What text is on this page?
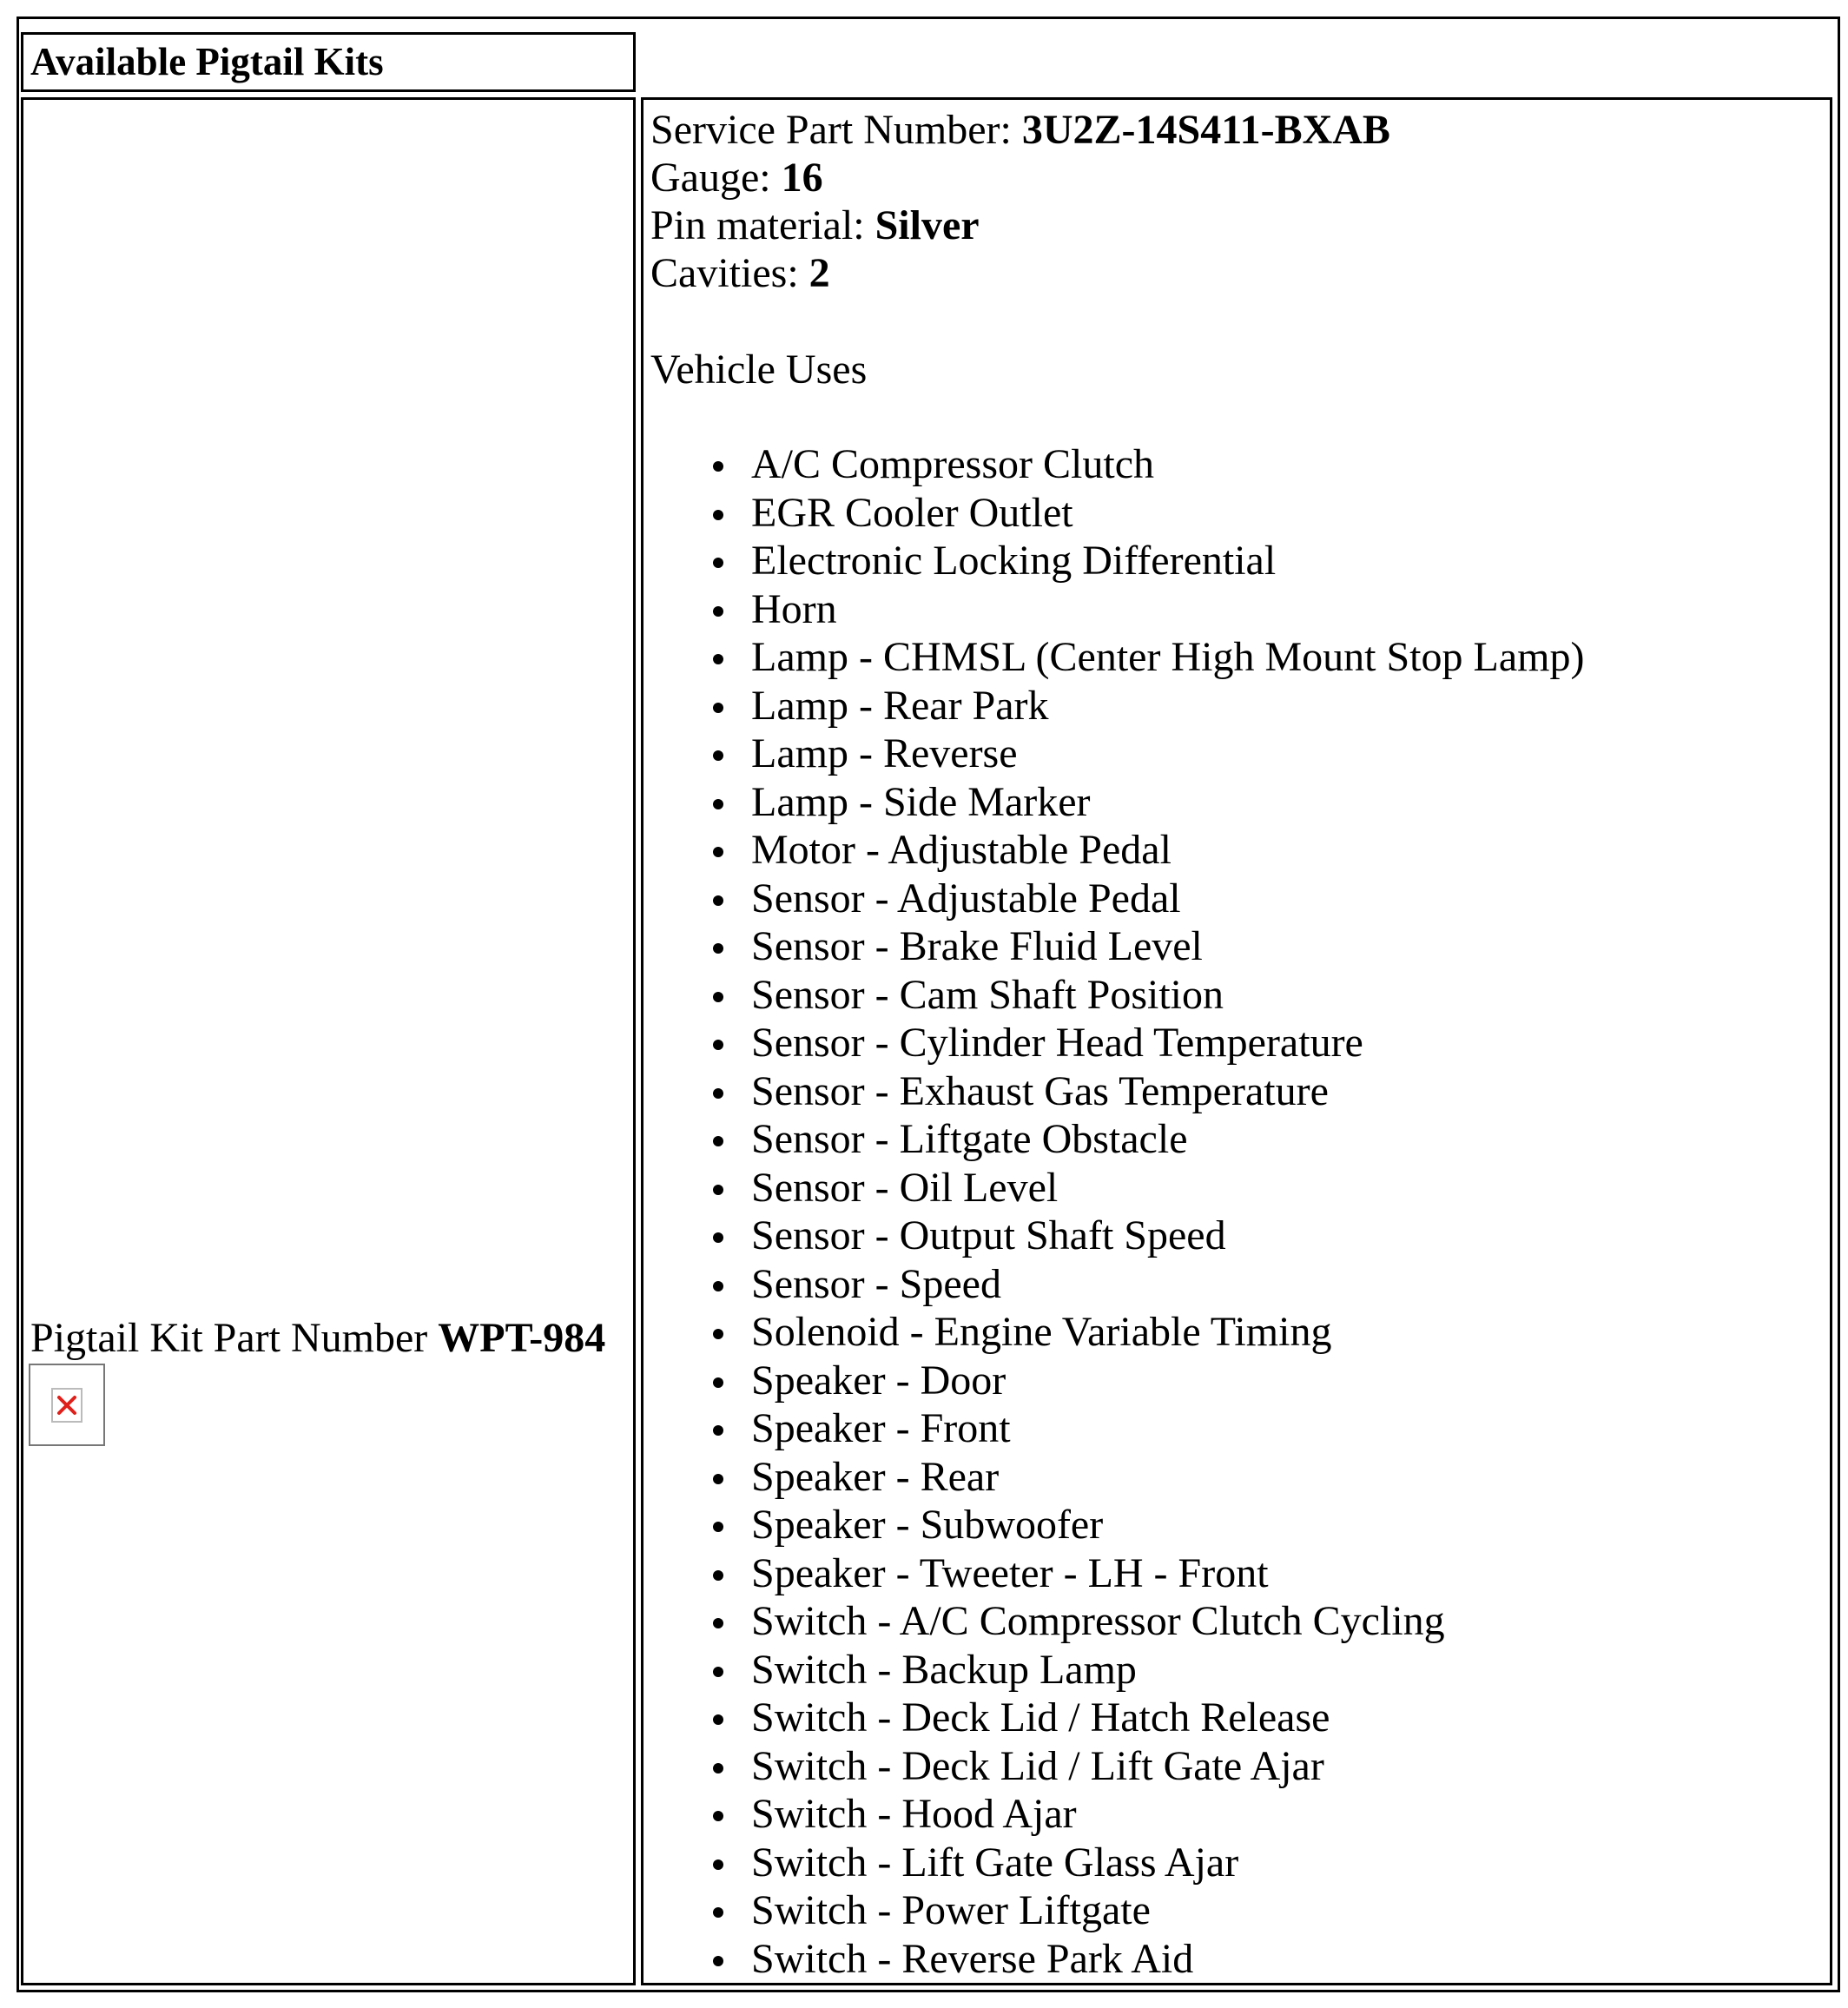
Available Pigtail Kits
Pigtail Kit Part Number WPT-984
Service Part Number: 3U2Z-14S411-BXAB
Gauge: 16
Pin material: Silver
Cavities: 2
Vehicle Uses
A/C Compressor Clutch
EGR Cooler Outlet
Electronic Locking Differential
Horn
Lamp - CHMSL (Center High Mount Stop Lamp)
Lamp - Rear Park
Lamp - Reverse
Lamp - Side Marker
Motor - Adjustable Pedal
Sensor - Adjustable Pedal
Sensor - Brake Fluid Level
Sensor - Cam Shaft Position
Sensor - Cylinder Head Temperature
Sensor - Exhaust Gas Temperature
Sensor - Liftgate Obstacle
Sensor - Oil Level
Sensor - Output Shaft Speed
Sensor - Speed
Solenoid - Engine Variable Timing
Speaker - Door
Speaker - Front
Speaker - Rear
Speaker - Subwoofer
Speaker - Tweeter - LH - Front
Switch - A/C Compressor Clutch Cycling
Switch - Backup Lamp
Switch - Deck Lid / Hatch Release
Switch - Deck Lid / Lift Gate Ajar
Switch - Hood Ajar
Switch - Lift Gate Glass Ajar
Switch - Power Liftgate
Switch - Reverse Park Aid
